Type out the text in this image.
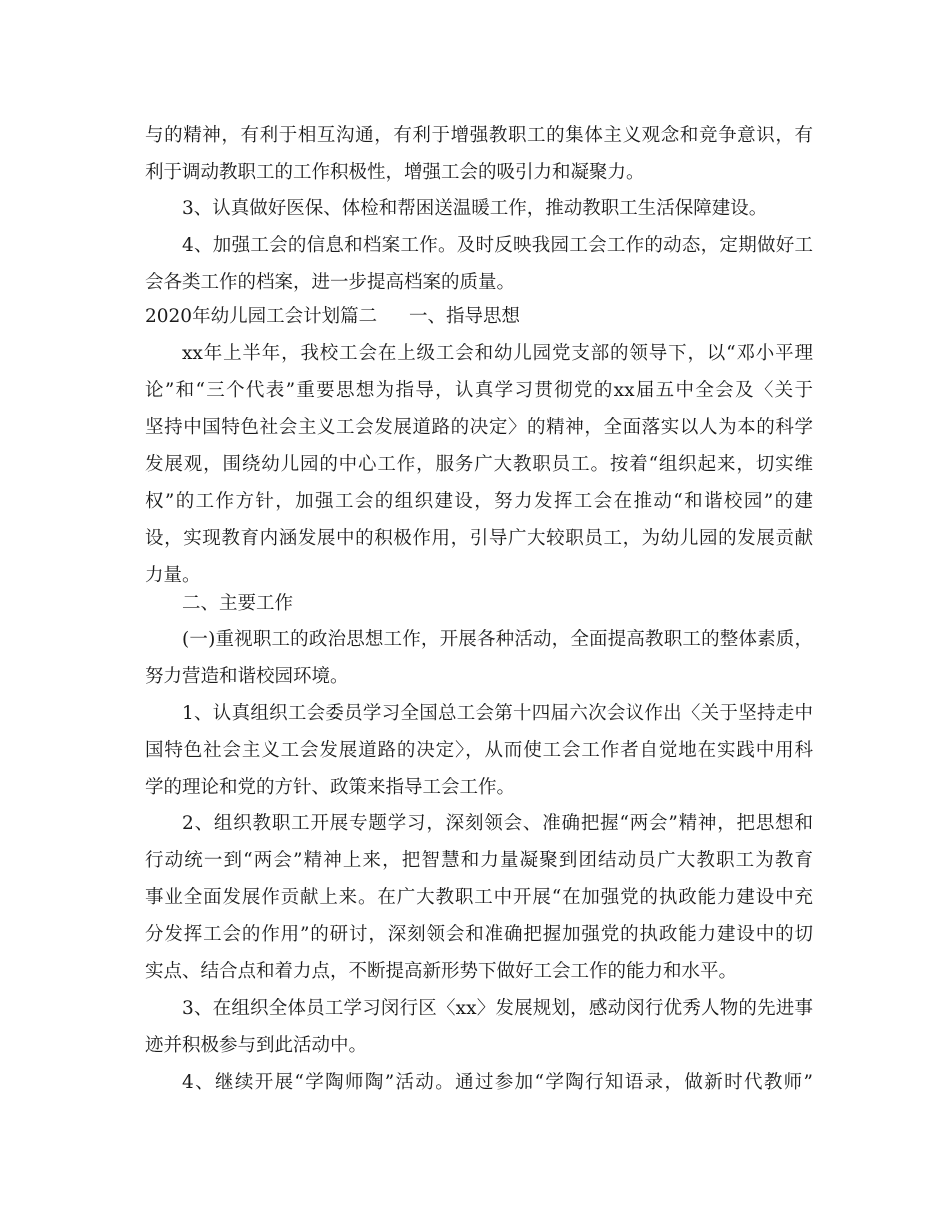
与的精神，有利于相互沟通，有利于增强教职工的集体主义观念和竞争意识，有
利于调动教职工的工作积极性，增强工会的吸引力和凝聚力。
3、认真做好医保、体检和帮困送温暖工作，推动教职工生活保障建设。
4、加强工会的信息和档案工作。及时反映我园工会工作的动态，定期做好工
会各类工作的档案，进一步提高档案的质量。
2020年幼儿园工会计划篇二 一、指导思想
xx年上半年，我校工会在上级工会和幼儿园党支部的领导下，以“邓小平理
论”和“三个代表”重要思想为指导，认真学习贯彻党的xx届五中全会及〈关于
坚持中国特色社会主义工会发展道路的决定〉的精神，全面落实以人为本的科学
发展观，围绕幼儿园的中心工作，服务广大教职员工。按着“组织起来，切实维
权”的工作方针，加强工会的组织建设，努力发挥工会在推动“和谐校园”的建
设，实现教育内涵发展中的积极作用，引导广大较职员工，为幼儿园的发展贡献
力量。
二、主要工作
(一)重视职工的政治思想工作，开展各种活动，全面提高教职工的整体素质，
努力营造和谐校园环境。
1、认真组织工会委员学习全国总工会第十四届六次会议作出〈关于坚持走中
国特色社会主义工会发展道路的决定〉，从而使工会工作者自觉地在实践中用科
学的理论和党的方针、政策来指导工会工作。
2、组织教职工开展专题学习，深刻领会、准确把握“两会”精神，把思想和
行动统一到“两会”精神上来，把智慧和力量凝聚到团结动员广大教职工为教育
事业全面发展作贡献上来。在广大教职工中开展“在加强党的执政能力建设中充
分发挥工会的作用”的研讨，深刻领会和准确把握加强党的执政能力建设中的切
实点、结合点和着力点，不断提高新形势下做好工会工作的能力和水平。
3、在组织全体员工学习闵行区〈xx〉发展规划，感动闵行优秀人物的先进事
迹并积极参与到此活动中。
4、继续开展“学陶师陶”活动。通过参加“学陶行知语录，做新时代教师”
